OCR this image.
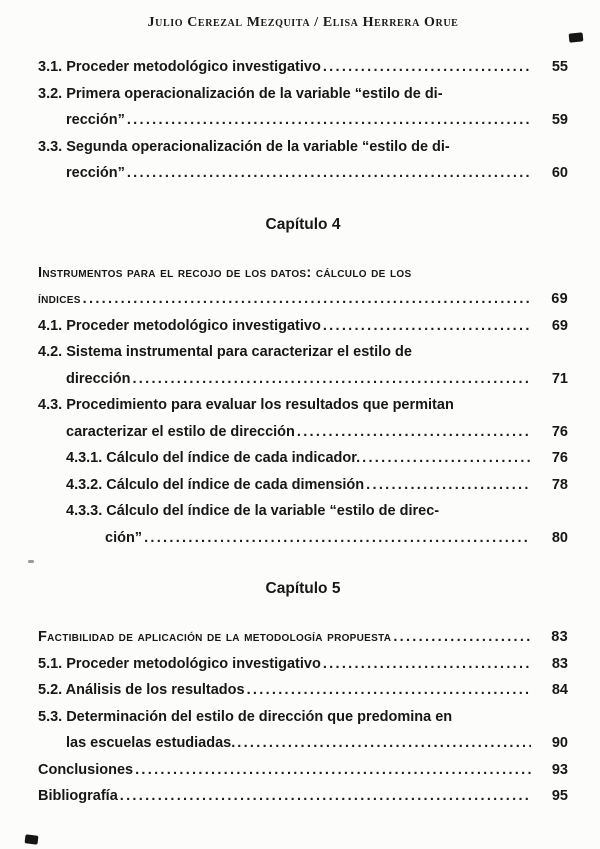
Julio Cerezal Mezquita / Elisa Herrera Orue
3.1. Proceder metodológico investigativo .....	55
3.2. Primera operacionalización de la variable “estilo de di-
rección” .....	59
3.3. Segunda operacionalización de la variable “estilo de di-
rección” .....	60
Capítulo 4
Instrumentos para el recojo de los datos: cálculo de los
índices .....	69
4.1. Proceder metodológico investigativo .....	69
4.2. Sistema instrumental para caracterizar el estilo de
dirección .....	71
4.3. Procedimiento para evaluar los resultados que permitan
caracterizar el estilo de dirección .....	76
4.3.1. Cálculo del índice de cada indicador. .....	76
4.3.2. Cálculo del índice de cada dimensión .....	78
4.3.3. Cálculo del índice de la variable “estilo de direc-
ción” .....	80
Capítulo 5
Factibilidad de aplicación de la metodología propuesta .....	83
5.1. Proceder metodológico investigativo .....	83
5.2. Análisis de los resultados .....	84
5.3. Determinación del estilo de dirección que predomina en
las escuelas estudiadas. .....	90
Conclusiones .....	93
Bibliografía .....	95
